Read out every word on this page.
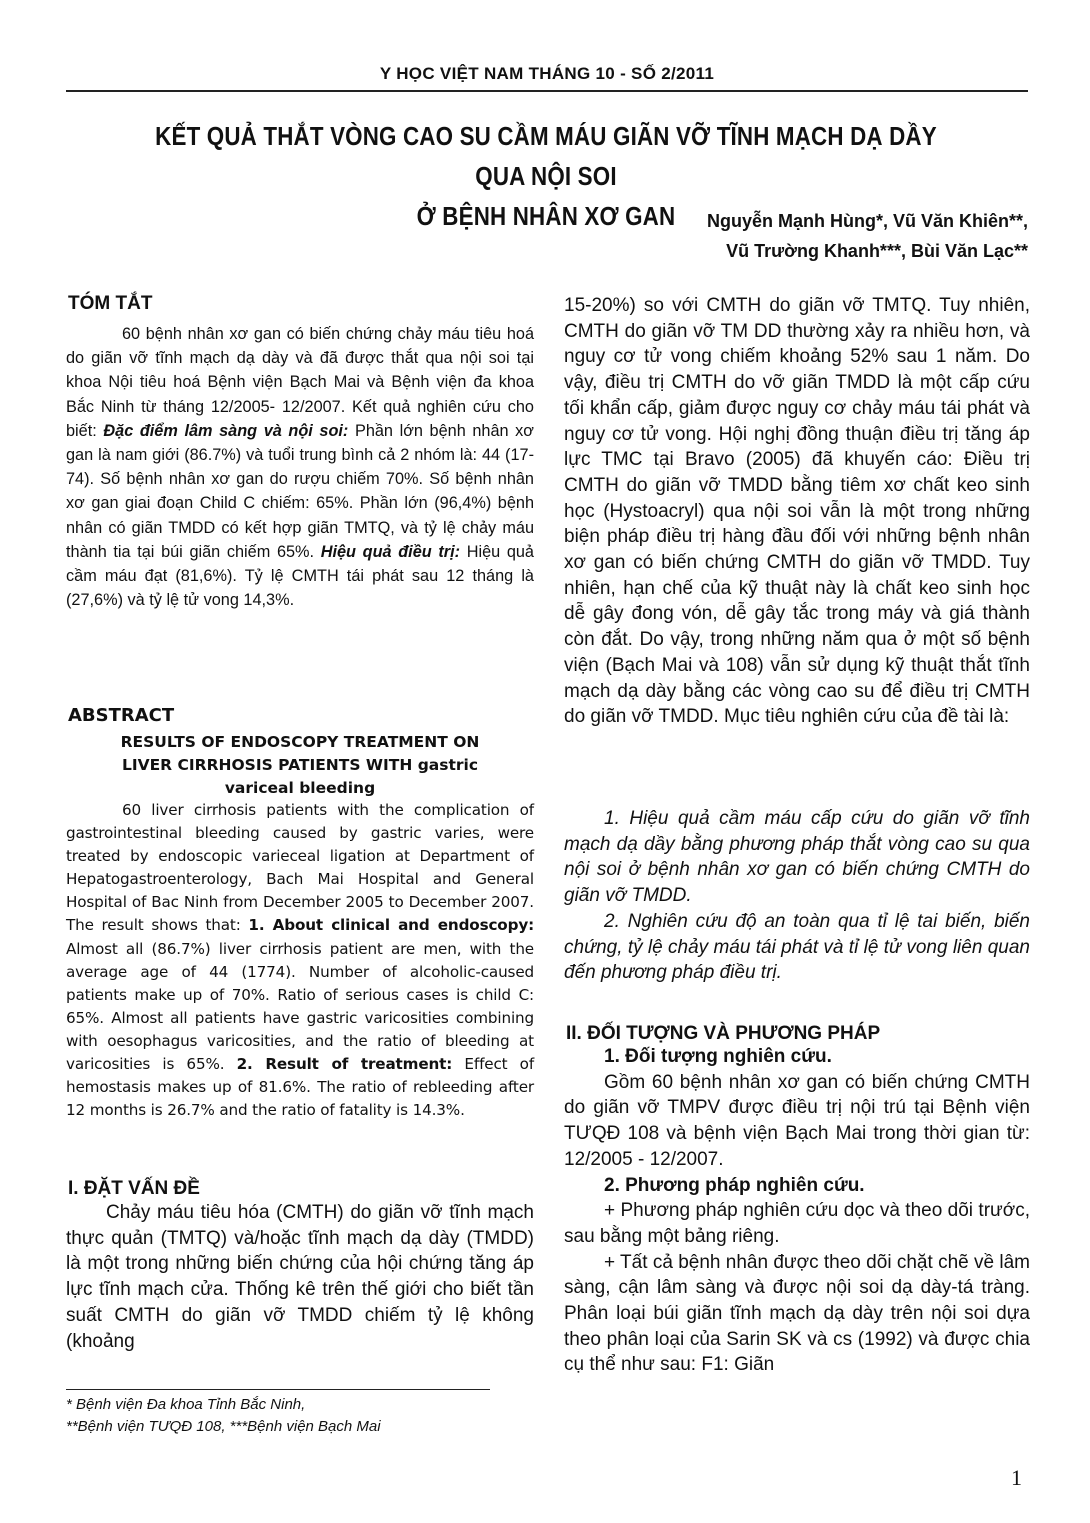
Y HỌC VIỆT NAM THÁNG 10 - SỐ 2/2011
KẾT QUẢ THẮT VÒNG CAO SU CẦM MÁU GIÃN VỠ TĨNH MẠCH DẠ DẦY QUA NỘI SOI
Ở BỆNH NHÂN XƠ GAN	Nguyễn Mạnh Hùng*, Vũ Văn Khiên**,
Vũ Trường Khanh***, Bùi Văn Lạc**
TÓM TẮT

60 bệnh nhân xơ gan có biến chứng chảy máu tiêu hoá do giãn vỡ tĩnh mạch dạ dày và đã được thắt qua nội soi tại khoa Nội tiêu hoá Bệnh viện Bạch Mai và Bệnh viện đa khoa Bắc Ninh từ tháng 12/2005- 12/2007. Kết quả nghiên cứu cho biết: Đặc điểm lâm sàng và nội soi: Phần lớn bệnh nhân xơ gan là nam giới (86.7%) và tuổi trung bình cả 2 nhóm là: 44 (17- 74). Số bệnh nhân xơ gan do rượu chiếm 70%. Số bệnh nhân xơ gan giai đoạn Child C chiếm: 65%. Phần lớn (96,4%) bệnh nhân có giãn TMDD có kết hợp giãn TMTQ, và tỷ lệ chảy máu thành tia tại búi giãn chiếm 65%. Hiệu quả điều trị: Hiệu quả cầm máu đạt (81,6%). Tỷ lệ CMTH tái phát sau 12 tháng là (27,6%) và tỷ lệ tử vong 14,3%.

ABSTRACT
RESULTS OF ENDOSCOPY TREATMENT ON
LIVER CIRRHOSIS PATIENTS WITH gastric
variceal bleeding

60 liver cirrhosis patients with the complication of gastrointestinal bleeding caused by gastric varies, were treated by endoscopic varieceal ligation at Department of Hepatogastroenterology, Bach Mai Hospital and General Hospital of Bac Ninh from December 2005 to December 2007. The result shows that: 1. About clinical and endoscopy: Almost all (86.7%) liver cirrhosis patient are men, with the average age of 44 (1774). Number of alcoholic-caused patients make up of 70%. Ratio of serious cases is child C: 65%. Almost all patients have gastric varicosities combining with oesophagus varicosities, and the ratio of bleeding at varicosities is 65%. 2. Result of treatment: Effect of hemostasis makes up of 81.6%. The ratio of rebleeding after 12 months is 26.7% and the ratio of fatality is 14.3%.

I. ĐẶT VẤN ĐỀ

Chảy máu tiêu hóa (CMTH) do giãn vỡ tĩnh mạch thực quản (TMTQ) và/hoặc tĩnh mạch dạ dày (TMDD) là một trong những biến chứng của hội chứng tăng áp lực tĩnh mạch cửa. Thống kê trên thế giới cho biết tần suất CMTH do giãn vỡ TMDD chiếm tỷ lệ không (khoảng

15-20%) so với CMTH do giãn vỡ TMTQ. Tuy nhiên, CMTH do giãn vỡ TM DD thường xảy ra nhiều hơn, và nguy cơ tử vong chiếm khoảng 52% sau 1 năm. Do vậy, điều trị CMTH do vỡ giãn TMDD là một cấp cứu tối khẩn cấp, giảm được nguy cơ chảy máu tái phát và nguy cơ tử vong. Hội nghị đồng thuận điều trị tăng áp lực TMC tại Bravo (2005) đã khuyến cáo: Điều trị CMTH do giãn vỡ TMDD bằng tiêm xơ chất keo sinh học (Hystoacryl) qua nội soi vẫn là một trong những biện pháp điều trị hàng đầu đối với những bệnh nhân xơ gan có biến chứng CMTH do giãn vỡ TMDD. Tuy nhiên, hạn chế của kỹ thuật này là chất keo sinh học dễ gây đong vón, dễ gây tắc trong máy và giá thành còn đắt. Do vậy, trong những năm qua ở một số bệnh viện (Bạch Mai và 108) vẫn sử dụng kỹ thuật thắt tĩnh mạch dạ dày bằng các vòng cao su để điều trị CMTH do giãn vỡ TMDD. Mục tiêu nghiên cứu của đề tài là:

1. Hiệu quả cầm máu cấp cứu do giãn vỡ tĩnh mạch dạ dầy bằng phương pháp thắt vòng cao su qua nội soi ở bệnh nhân xơ gan có biến chứng CMTH do giãn vỡ TMDD.

2. Nghiên cứu độ an toàn qua tỉ lệ tai biến, biến chứng, tỷ lệ chảy máu tái phát và tỉ lệ tử vong liên quan đến phương pháp điều trị.

II. ĐỐI TƯỢNG VÀ PHƯƠNG PHÁP

1. Đối tượng nghiên cứu.

Gồm 60 bệnh nhân xơ gan có biến chứng CMTH do giãn vỡ TMPV được điều trị nội trú tại Bệnh viện TƯQĐ 108 và bệnh viện Bạch Mai trong thời gian từ: 12/2005 - 12/2007.

2. Phương pháp nghiên cứu.

+ Phương pháp nghiên cứu dọc và theo dõi trước, sau bằng một bảng riêng.

+ Tất cả bệnh nhân được theo dõi chặt chẽ về lâm sàng, cận lâm sàng và được nội soi dạ dày-tá tràng. Phân loại búi giãn tĩnh mạch dạ dày trên nội soi dựa theo phân loại của Sarin SK và cs (1992) và được chia cụ thể như sau: F1: Giãn

* Bệnh viện Đa khoa Tỉnh Bắc Ninh,
**Bệnh viện TƯQĐ 108, ***Bệnh viện Bạch Mai
1
